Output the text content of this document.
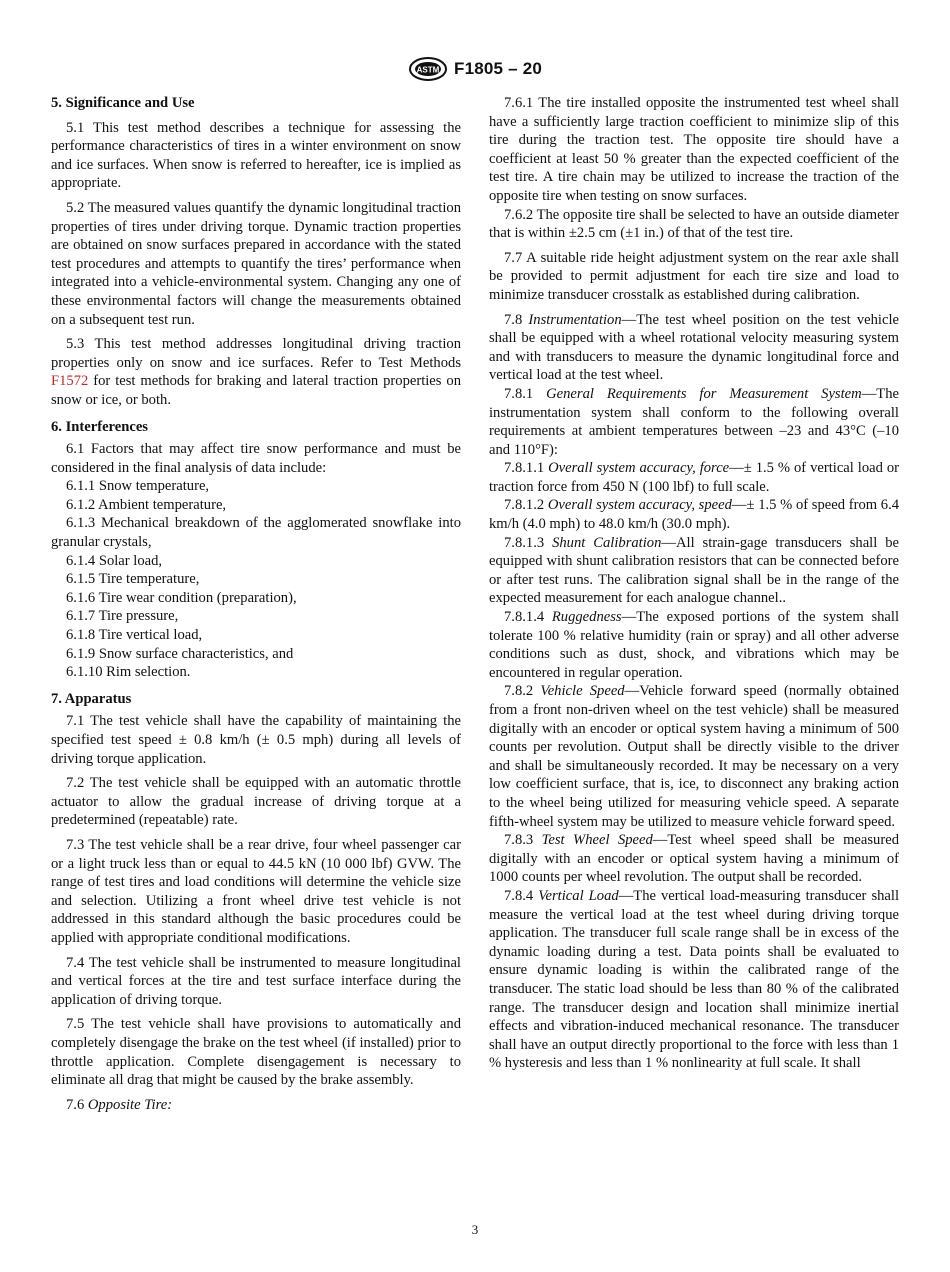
ASTM F1805 – 20
5. Significance and Use

5.1 This test method describes a technique for assessing the performance characteristics of tires in a winter environment on snow and ice surfaces. When snow is referred to hereafter, ice is implied as appropriate.

5.2 The measured values quantify the dynamic longitudinal traction properties of tires under driving torque. Dynamic traction properties are obtained on snow surfaces prepared in accordance with the stated test procedures and attempts to quantify the tires’ performance when integrated into a vehicle-environmental system. Changing any one of these environmental factors will change the measurements obtained on a subsequent test run.

5.3 This test method addresses longitudinal driving traction properties only on snow and ice surfaces. Refer to Test Methods F1572 for test methods for braking and lateral traction properties on snow or ice, or both.

6. Interferences

6.1 Factors that may affect tire snow performance and must be considered in the final analysis of data include:

6.1.1 Snow temperature,

6.1.2 Ambient temperature,

6.1.3 Mechanical breakdown of the agglomerated snowflake into granular crystals,

6.1.4 Solar load,

6.1.5 Tire temperature,

6.1.6 Tire wear condition (preparation),

6.1.7 Tire pressure,

6.1.8 Tire vertical load,

6.1.9 Snow surface characteristics, and

6.1.10 Rim selection.

7. Apparatus

7.1 The test vehicle shall have the capability of maintaining the specified test speed ± 0.8 km/h (± 0.5 mph) during all levels of driving torque application.

7.2 The test vehicle shall be equipped with an automatic throttle actuator to allow the gradual increase of driving torque at a predetermined (repeatable) rate.

7.3 The test vehicle shall be a rear drive, four wheel passenger car or a light truck less than or equal to 44.5 kN (10 000 lbf) GVW. The range of test tires and load conditions will determine the vehicle size and selection. Utilizing a front wheel drive test vehicle is not addressed in this standard although the basic procedures could be applied with appropriate conditional modifications.

7.4 The test vehicle shall be instrumented to measure longitudinal and vertical forces at the tire and test surface interface during the application of driving torque.

7.5 The test vehicle shall have provisions to automatically and completely disengage the brake on the test wheel (if installed) prior to throttle application. Complete disengagement is necessary to eliminate all drag that might be caused by the brake assembly.

7.6 Opposite Tire:

7.6.1 The tire installed opposite the instrumented test wheel shall have a sufficiently large traction coefficient to minimize slip of this tire during the traction test. The opposite tire should have a coefficient at least 50 % greater than the expected coefficient of the test tire. A tire chain may be utilized to increase the traction of the opposite tire when testing on snow surfaces.

7.6.2 The opposite tire shall be selected to have an outside diameter that is within ±2.5 cm (±1 in.) of that of the test tire.

7.7 A suitable ride height adjustment system on the rear axle shall be provided to permit adjustment for each tire size and load to minimize transducer crosstalk as established during calibration.

7.8 Instrumentation—The test wheel position on the test vehicle shall be equipped with a wheel rotational velocity measuring system and with transducers to measure the dynamic longitudinal force and vertical load at the test wheel.

7.8.1 General Requirements for Measurement System—The instrumentation system shall conform to the following overall requirements at ambient temperatures between –23 and 43°C (–10 and 110°F):

7.8.1.1 Overall system accuracy, force—± 1.5 % of vertical load or traction force from 450 N (100 lbf) to full scale.

7.8.1.2 Overall system accuracy, speed—± 1.5 % of speed from 6.4 km/h (4.0 mph) to 48.0 km/h (30.0 mph).

7.8.1.3 Shunt Calibration—All strain-gage transducers shall be equipped with shunt calibration resistors that can be connected before or after test runs. The calibration signal shall be in the range of the expected measurement for each analogue channel..

7.8.1.4 Ruggedness—The exposed portions of the system shall tolerate 100 % relative humidity (rain or spray) and all other adverse conditions such as dust, shock, and vibrations which may be encountered in regular operation.

7.8.2 Vehicle Speed—Vehicle forward speed (normally obtained from a front non-driven wheel on the test vehicle) shall be measured digitally with an encoder or optical system having a minimum of 500 counts per revolution. Output shall be directly visible to the driver and shall be simultaneously recorded. It may be necessary on a very low coefficient surface, that is, ice, to disconnect any braking action to the wheel being utilized for measuring vehicle speed. A separate fifth-wheel system may be utilized to measure vehicle forward speed.

7.8.3 Test Wheel Speed—Test wheel speed shall be measured digitally with an encoder or optical system having a minimum of 1000 counts per wheel revolution. The output shall be recorded.

7.8.4 Vertical Load—The vertical load-measuring transducer shall measure the vertical load at the test wheel during driving torque application. The transducer full scale range shall be in excess of the dynamic loading during a test. Data points shall be evaluated to ensure dynamic loading is within the calibrated range of the transducer. The static load should be less than 80 % of the calibrated range. The transducer design and location shall minimize inertial effects and vibration-induced mechanical resonance. The transducer shall have an output directly proportional to the force with less than 1 % hysteresis and less than 1 % nonlinearity at full scale. It shall

3
